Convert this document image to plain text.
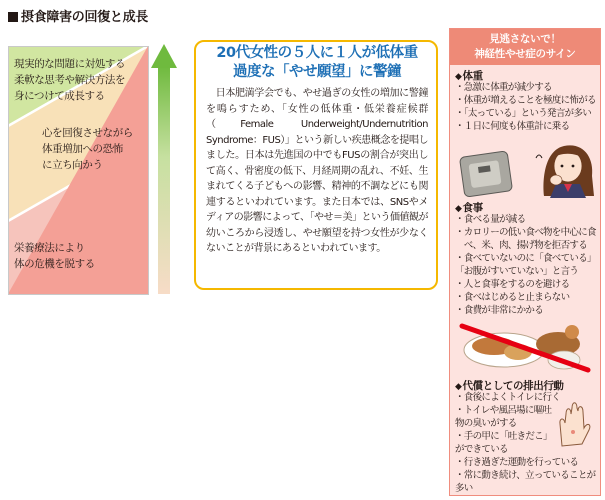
摂食障害の回復と成長
現実的な問題に対処する
柔軟な思考や解決方法を
身につけて成長する
心を回復させながら
体重増加への恐怖
に立ち向かう
栄養療法により
体の危機を脱する
20代女性の５人に１人が低体重
過度な「やせ願望」に警鐘
　日本肥満学会でも、やせ過ぎの女性の増加に警鐘を鳴らすため、「女性の低体重・低栄養症候群（Female Underweight/Undernutrition Syndrome：FUS）」という新しい疾患概念を提唱しました。日本は先進国の中でもFUSの割合が突出して高く、骨密度の低下、月経周期の乱れ、不妊、生まれてくる子どもへの影響、精神的不調などにも関連するといわれています。また日本では、SNSやメディアの影響によって、「やせ＝美」という価値観が幼いころから浸透し、やせ願望を持つ女性が少なくないことが背景にあるといわれています。
見逃さないで！
神経性やせ症のサイン
◆体重
・急激に体重が減少する
・体重が増えることを極度に怖がる
・「太っている」という発言が多い
・１日に何度も体重計に乗る
◆食事
・食べる量が減る
・カロリーの低い食べ物を中心に食
　べ、米、肉、揚げ物を拒否する
・食べていないのに「食べている」
「お腹がすいていない」と言う
・人と食事をするのを避ける
・食べはじめると止まらない
・食費が非常にかかる
◆代償としての排出行動
・食後によくトイレに行く
・トイレや風呂場に嘔吐
物の臭いがする
・手の甲に「吐きだこ」
ができている
・行き過ぎた運動を行っている
・常に動き続け、立っていることが
多い
